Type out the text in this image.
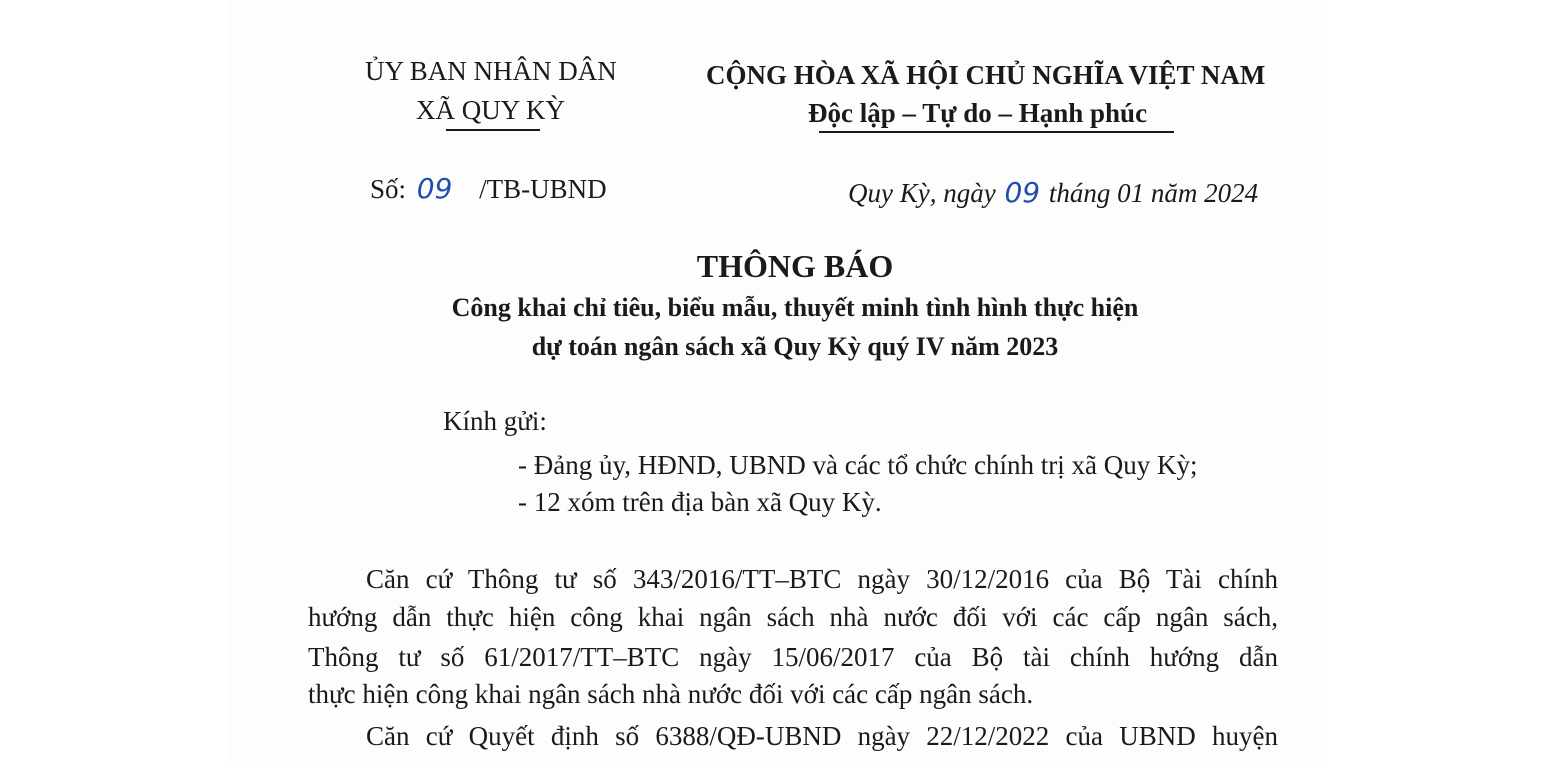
ỦY BAN NHÂN DÂN
XÃ QUY KỲ
CỘNG HÒA XÃ HỘI CHỦ NGHĨA VIỆT NAM
Độc lập – Tự do – Hạnh phúc
Số: 09 /TB-UBND	Quy Kỳ, ngày 09 tháng 01 năm 2024
THÔNG BÁO
Công khai chỉ tiêu, biểu mẫu, thuyết minh tình hình thực hiện
dự toán ngân sách xã Quy Kỳ quý IV năm 2023
Kính gửi:
- Đảng ủy, HĐND, UBND và các tổ chức chính trị xã Quy Kỳ;
- 12 xóm trên địa bàn xã Quy Kỳ.
Căn cứ Thông tư số 343/2016/TT–BTC ngày 30/12/2016 của Bộ Tài chính
hướng dẫn thực hiện công khai ngân sách nhà nước đối với các cấp ngân sách,
Thông tư số 61/2017/TT–BTC ngày 15/06/2017 của Bộ tài chính hướng dẫn
thực hiện công khai ngân sách nhà nước đối với các cấp ngân sách.
Căn cứ Quyết định số 6388/QĐ-UBND ngày 22/12/2022 của UBND huyện
